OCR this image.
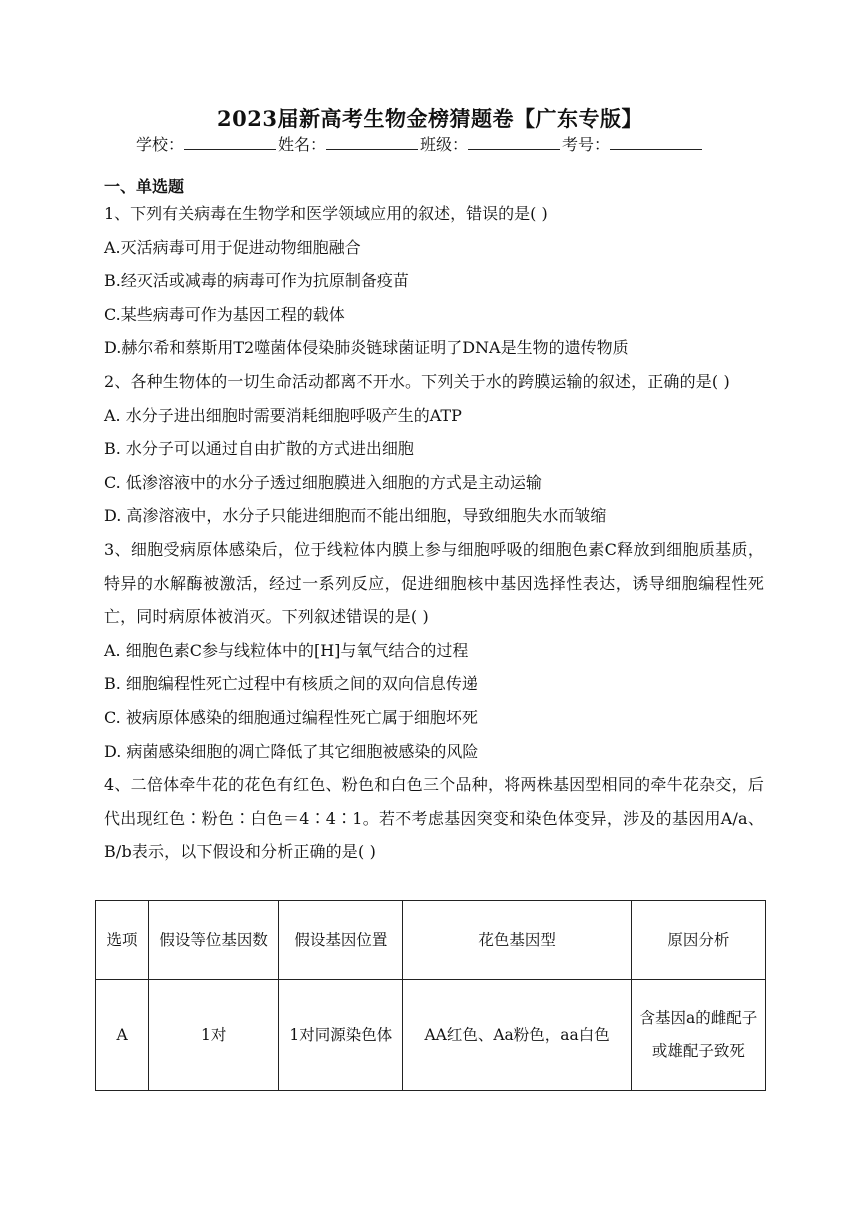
2023届新高考生物金榜猜题卷【广东专版】
学校：	姓名：	班级：	考号：
一、单选题

1、下列有关病毒在生物学和医学领域应用的叙述，错误的是( )

A.灭活病毒可用于促进动物细胞融合

B.经灭活或减毒的病毒可作为抗原制备疫苗

C.某些病毒可作为基因工程的载体

D.赫尔希和蔡斯用T2噬菌体侵染肺炎链球菌证明了DNA是生物的遗传物质

2、各种生物体的一切生命活动都离不开水。下列关于水的跨膜运输的叙述，正确的是( )

A. 水分子进出细胞时需要消耗细胞呼吸产生的ATP

B. 水分子可以通过自由扩散的方式进出细胞

C. 低渗溶液中的水分子透过细胞膜进入细胞的方式是主动运输

D. 高渗溶液中，水分子只能进细胞而不能出细胞，导致细胞失水而皱缩

3、细胞受病原体感染后，位于线粒体内膜上参与细胞呼吸的细胞色素C释放到细胞质基质，特异的水解酶被激活，经过一系列反应，促进细胞核中基因选择性表达，诱导细胞编程性死亡，同时病原体被消灭。下列叙述错误的是( )

A. 细胞色素C参与线粒体中的[H]与氧气结合的过程

B. 细胞编程性死亡过程中有核质之间的双向信息传递

C. 被病原体感染的细胞通过编程性死亡属于细胞坏死

D. 病菌感染细胞的凋亡降低了其它细胞被感染的风险

4、二倍体牵牛花的花色有红色、粉色和白色三个品种，将两株基因型相同的牵牛花杂交，后代出现红色∶粉色∶白色＝4∶4∶1。若不考虑基因突变和染色体变异，涉及的基因用A/a、B/b表示，以下假设和分析正确的是( )

选项	假设等位基因数	假设基因位置	花色基因型	原因分析
A	1对	1对同源染色体	AA红色、Aa粉色，aa白色	含基因a的雌配子或雄配子致死
